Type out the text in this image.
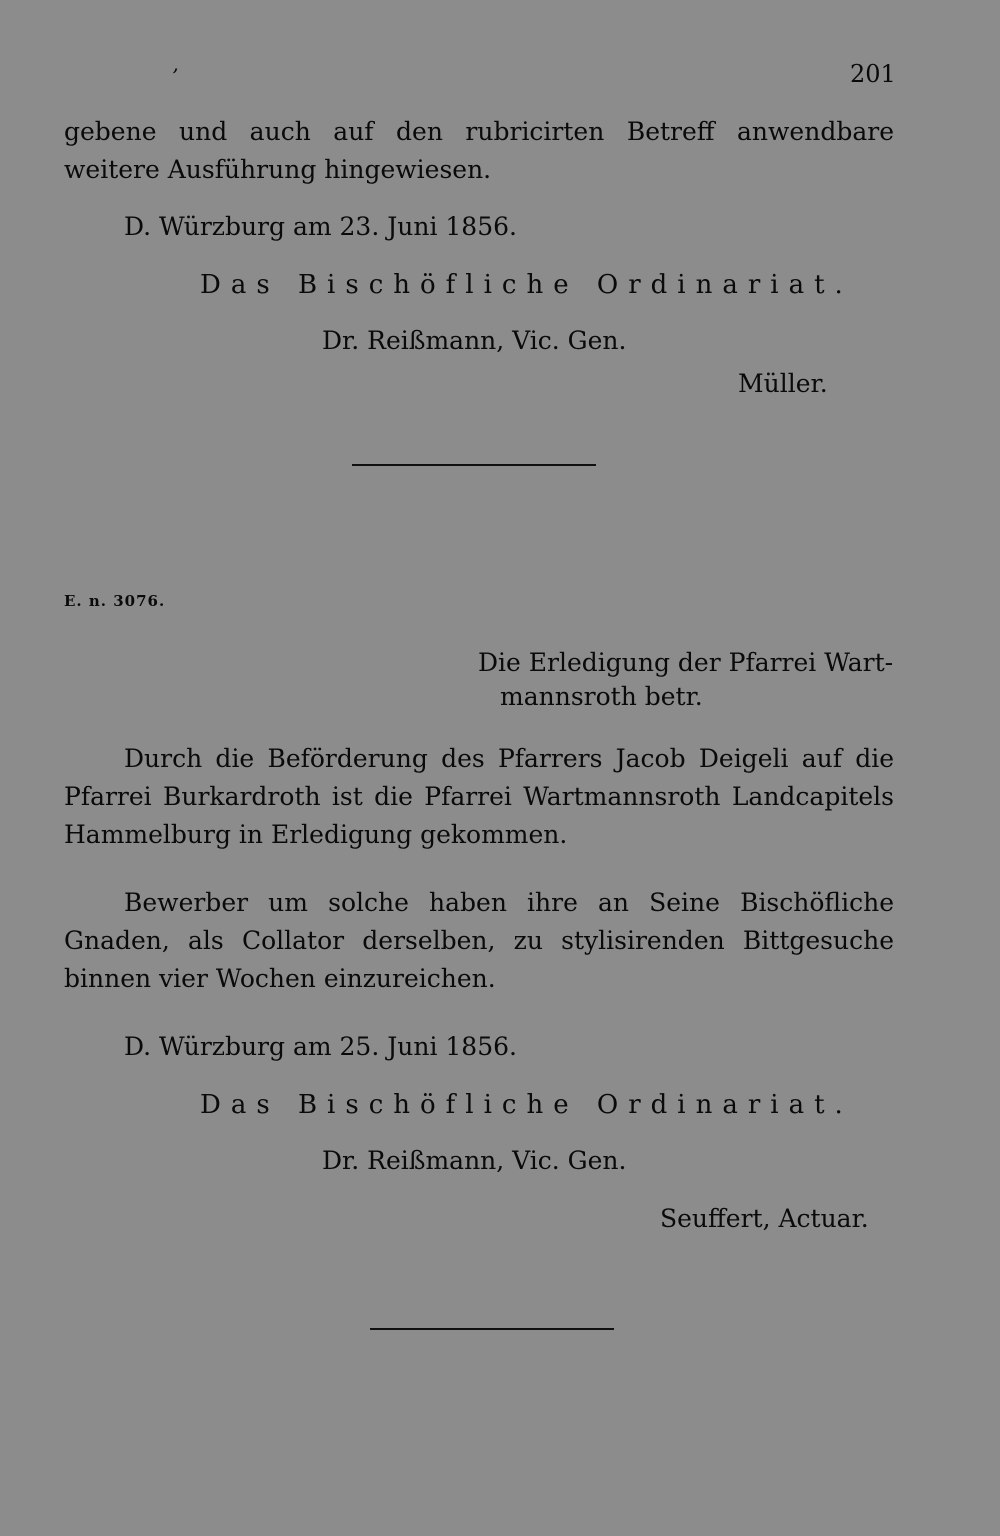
’	201
gebene und auch auf den rubricirten Betreff anwendbare weitere Ausführung hingewiesen.
D. Würzburg am 23. Juni 1856.
Das Bischöfliche Ordinariat.
Dr. Reißmann, Vic. Gen.
Müller.
E. n. 3076.
Die Erledigung der Pfarrei Wart-
mannsroth betr.
Durch die Beförderung des Pfarrers Jacob Deigeli auf die Pfarrei Burkardroth ist die Pfarrei Wartmannsroth Landcapitels Hammelburg in Erledigung gekommen.
Bewerber um solche haben ihre an Seine Bischöfliche Gnaden, als Collator derselben, zu stylisirenden Bittgesuche binnen vier Wochen einzureichen.
D. Würzburg am 25. Juni 1856.
Das Bischöfliche Ordinariat.
Dr. Reißmann, Vic. Gen.
Seuffert, Actuar.
